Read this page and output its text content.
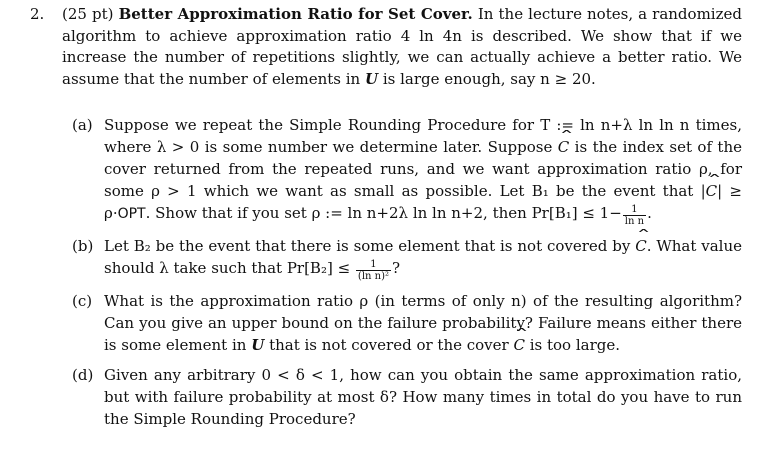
2. (25 pt) Better Approximation Ratio for Set Cover. In the lecture notes, a randomized algorithm to achieve approximation ratio 4 ln 4n is described. We show that if we increase the number of repetitions slightly, we can actually achieve a better ratio. We assume that the number of elements in U is large enough, say n ≥ 20.
(a) Suppose we repeat the Simple Rounding Procedure for T := ln n+λ ln ln n times, where λ > 0 is some number we determine later. Suppose ˆ C is the index set of the cover returned from the repeated runs, and we want approximation ratio ρ, for some ρ > 1 which we want as small as possible. Let B₁ be the event that |ˆ C| ≥ ρ·OPT. Show that if you set ρ := ln n+2λ ln ln n+2, then $Pr[B_1] \le 1- \frac{1}{\text{ln n}}$ .
(b) Let B₂ be the event that there is some element that is not covered by ˆ C. What value should λ take such that $Pr[B_2] \le \frac{1}{\text{(ln n)²}}$ ?
(c) What is the approximation ratio ρ (in terms of only n) of the resulting algorithm? Can you give an upper bound on the failure probability? Failure means either there is some element in U that is not covered or the cover ˆ C is too large.
(d) Given any arbitrary 0 < δ < 1, how can you obtain the same approximation ratio, but with failure probability at most δ? How many times in total do you have to run the Simple Rounding Procedure?
